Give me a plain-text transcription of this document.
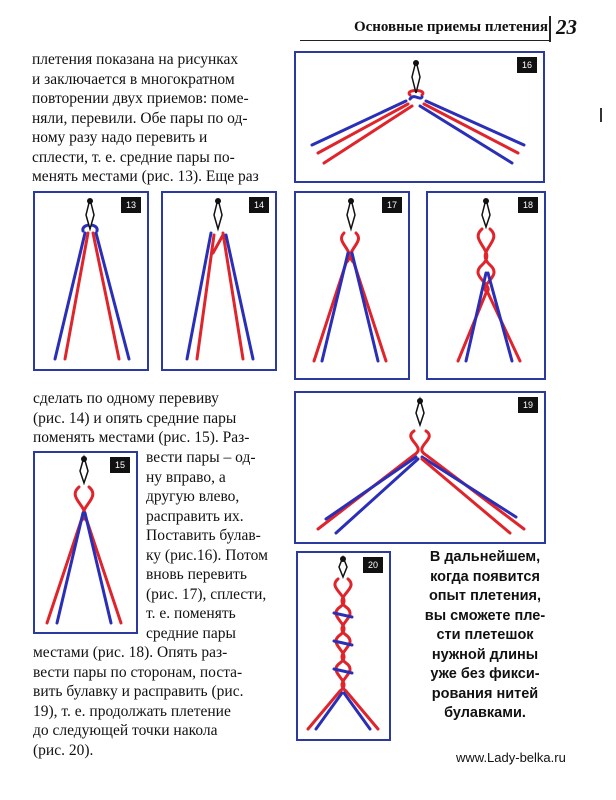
Основные приемы плетения 23
плетения показана на рисунках
и заключается в многократном
повторении двух приемов: поме-
няли, перевили. Обе пары по од-
ному разу надо перевить и
сплести, т. е. средние пары по-
менять местами (рис. 13). Еще раз
сделать по одному перевиву
(рис. 14) и опять средние пары
поменять местами (рис. 15). Раз-
вести пары – од-
ну вправо, а
другую влево,
расправить их.
Поставить булав-
ку (рис.16). Потом
вновь перевить
(рис. 17), сплести,
т. е. поменять
средние пары
местами (рис. 18). Опять раз-
вести пары по сторонам, поста-
вить булавку и расправить (рис.
19), т. е. продолжать плетение
до следующей точки накола
(рис. 20).
В дальнейшем,
когда появится
опыт плетения,
вы сможете пле-
сти плетешок
нужной длины
уже без фикси-
рования нитей
булавками.
16
13	14	17	18
19
15
20
www.Lady-belka.ru
